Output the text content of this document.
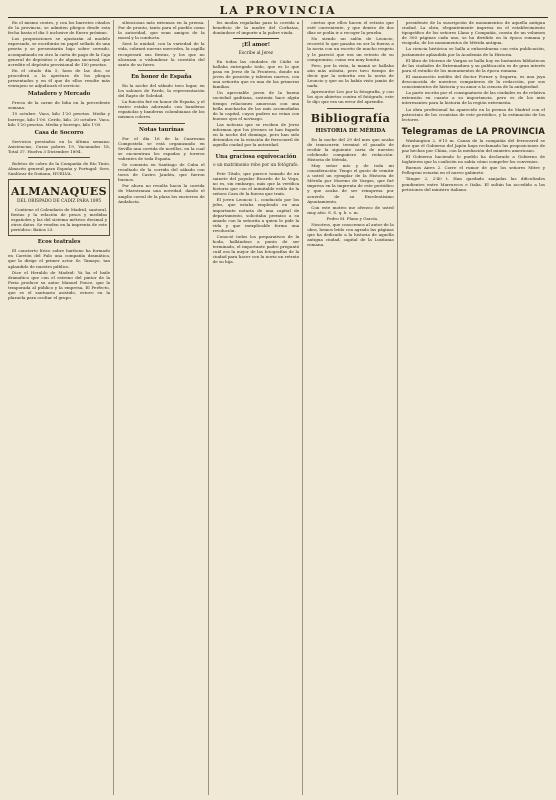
LA PROVINCIA

En el mismo centro, y con los barrotes citados de la provincia, se admiten pliegos desde esta fecha hasta el dia 5 inclusive de Enero próximo.

Los proposiciones se ajustarán al modelo expresado, se escribirán en papel sellado de una peseta y se presentarán bajo sobre cerrado, acompañando en otro la carta de pago de la Caja general de depósitos o de alguna sucursal, que acredite el depósito provisional de 150 pesetas.

En el citado día 5, hora de las dos, se procederá a la apertura de los pliegos presentados y en él que de ellos resulte más ventajoso se adjudicará el servicio.

Matadero y Mercado

Precio de la carne de lidia en la precedente semana.

15 octubre. Vaca, kilo 1'20 pesetas. Media y borrego, kilo 1'00. Cerdo, kilo. 20 octubre. Vaca, kilo 1'20 pesetas. Media y borrego, kilo 1'00.

Casa de Socorro

Servicios prestados en la última semana: Asistencias, Curas pobres 19, Vacunados 18, Total 37. Huelva 3 Diciembre 1894.

Boletos de cobro de la Compañía de Río Tinto. Almacén general para España y Portugal: Sres. Sanlúcar de Doñana, HUELVA.

ALMANAQUES
DEL OBISPADO DE CADIZ PARA 1895

Contiene el Calendario de Madrid, santoral, fiestas y la relación de pesos y medidas españoles y las del sistema métrico decimal y otros datos. Se venden en la imprenta de este periódico: Baños 23.

Ecos teatrales

El concierto lírico sobre barítono ha formado en Carrión del Palo una compañía dramática, que la dirige el primer actor Sr. Tamayo, tan aplaudido de nuestro público.

Dice el Heraldo de Madrid: Ya ha el baile dramático que con el estreno del pintor de la Feria produce su autor Manuel Ponce, que la temporada al público y la empresa, El Perfecto, que es el santuario asistido, estuvo en la plazuela para ocultar el grupo.

silenciosas más extensas en la prensa. Por de pronto, tanto para el pueblo como la autoridad, que sean amigos de la moral y la conducta.

Será la unidad, con la variedad de la vida, cobrará nuevas mercedes, la capilla recuperará sus fiestas, y los que no alcanzan a vislumbrar la cuestión del santo de su fuero.

En honor de España

En la noche del sábado tuvo lugar, en los salones de Pardo, la representación del Rapto de Soledad.

La función fué en honor de España, y el teatro estaba adornado con banderas españolas y banderas colombianas de los mismos colores.

Notas taurinas

Por el día 16 de la Cuaresma Compostela se está organizando en Sevilla una corrida de novillos, en la cual se encuentran los espadas y toreros valientes de toda España.

Se comenta en Santiago de Cuba el resultado de la corrida del sábado con toros de Castro Jaudón, que fueron buenos.

Por ahora no resulta hacia la corrida de Maestranza una novedad, dando el amplio corral de la plaza los encierros de Andalucía.

les modas regaladas para la corrida a beneficio de la madre del Corbatas, donándose el importe a la pobre viuda.

¡El amor!
Escribe al Jerez

En todas las ciudades de Cádiz se hallaba entregado todo, que es lo que pasa en Jerez de la Frontera, donde un joven de posición y talentos nuevos, con una señorita que es una de las primeras familias.

Un apreciable joven de la buena sociedad gaditana, sostenía hace algún tiempo relaciones amorosas con una bella muchacha de las más acomodadas de la capital, cuyos padres no veían con buenos ojos el noviazgo.

Las noticias que se reciben de Jerez informan que los jóvenes se han fugado en la noche del domingo, pero han sido detenidos en la estación de ferrocarril de aquella ciudad por la autoridad.

Una graciosa equivocación
o un matrimonio robo por un fotógrafo.

Pete Titulo, que parece tomado de un sainete del popular Ricardo de la Vega, no es, sin embargo, más que la verídica historia que con el inimitable estilo de la señora Cara de la fuerza que traía.

El joven Leoncio I., conducido por los jefes, que estaba empleado en una importante notaría de una capital de departamento, solicitaba permiso a su amado con la señorita a quien le pide la vida y que inexplicable forma una revolución.

Conoció todos los preparativos de la boda, hallándose a punto de ser terminado, el importante padre preguntó cuál era la mejor de las fotografías de la ciudad para hacer con la novia un retrato de su hija.

ciertos que ellos hacen el retrato que esté conveniente, y que dentro de dos días se podía ir a recoger la prueba.

No siendo un salón de Leoncio, recorrió lo que pasaba en ser la fuerza a la novia con un escrito de mucho respeto y le pareció que era un retrato de su compromiso, como era muy bonita.

Pero, por la vista, la mamá se hallaba aún más atónita, pero tuvo tiempo de decir que la señorita era la novia de Leoncio y que no la había visto jamás de nada.

Apresuróse Leo por la fotografía, y con los ojos abiertos contra el fotógrafo, este le dijo que era un error del aprendiz.

Bibliografía
HISTORIA DE MÉRIDA

En la noche del 29 del mes que acaba de transcurrir, terminó el pasado de recibir la siguiente carta de nuestro celebrado compañero de redacción: Historia de Mérida.

Muy señor mío y de toda mi consideración: Tengo el gusto de remitir a usted un ejemplar de la Historia de Mérida por Moreno de Vargas, que fué impresa en la imprenta de este periódico y que acaba de ser reimpresa por acuerdo de su Excelentísimo Ayuntamiento.

Con este motivo me ofrezco de usted muy atto. S. S. q. b. s. m.

Pedro M. Plano y García.

Nosotros, que conocemos al autor de la obra, hemos leído con agrado las páginas que ha dedicado a la historia de aquella antigua ciudad, capital de la Lusitania romana.

presidente de la suscripción de monumentos de aquella antigua ciudad. La obra, elegantemente impresa en el establecimiento tipográfico de los señores Llano y Compañía, consta de un volumen de 300 páginas cada uno, se ha dividido en la época romana y visigoda, de los monumentos de Mérida antigua.

La ciencia histórica se halla a enhorabuena con esta publicación, justamente aplaudida por la Academia de la Historia.

El libro de Moreno de Vargas se halla hoy en bastantes bibliotecas de las ciudades de Extremadura y su publicación es de gran interés para el estudio de los monumentos de la época romana.

El manuscrito inédito del doctor Forner y Segarra, es una joya desconocida de nuestros compañeros de la redacción, por sus conocimientos de historia y su amor a la ciencia de la antigüedad.

La parte escrita por el consignatario de las ciudades es de relativa extensión en cuanto a su importancia, pero es de los más interesantes para la historia de la región extremeña.

La obra profesional ha aparecido en la prensa de Madrid con el patrocinio de los cronistas de este periódico, y la estimación de los lectores.

Telegramas de LA PROVINCIA

Washington 2, 8'15 m. Causa de la compañía del ferrocarril se dice que el Gobierno del Japón haya reclamado las proposiciones de paz hechas por China, con la mediación del ministro americano.

El Gobierno haciendo lo pueblo ha declarado a Gobierno de Inglaterra que la coalición no sabía cómo compeler los convenios.

Buenos Aires 2. Corre el rumor de que los señores Mitre y Pellegrini estarán en el nuevo gabinete.

Tánger 2, 2'40 t. Han quedado zanjadas las dificultades pendientes entre Marruecos e Italia. El sultán ha accedido a las peticiones del ministro italiano.
